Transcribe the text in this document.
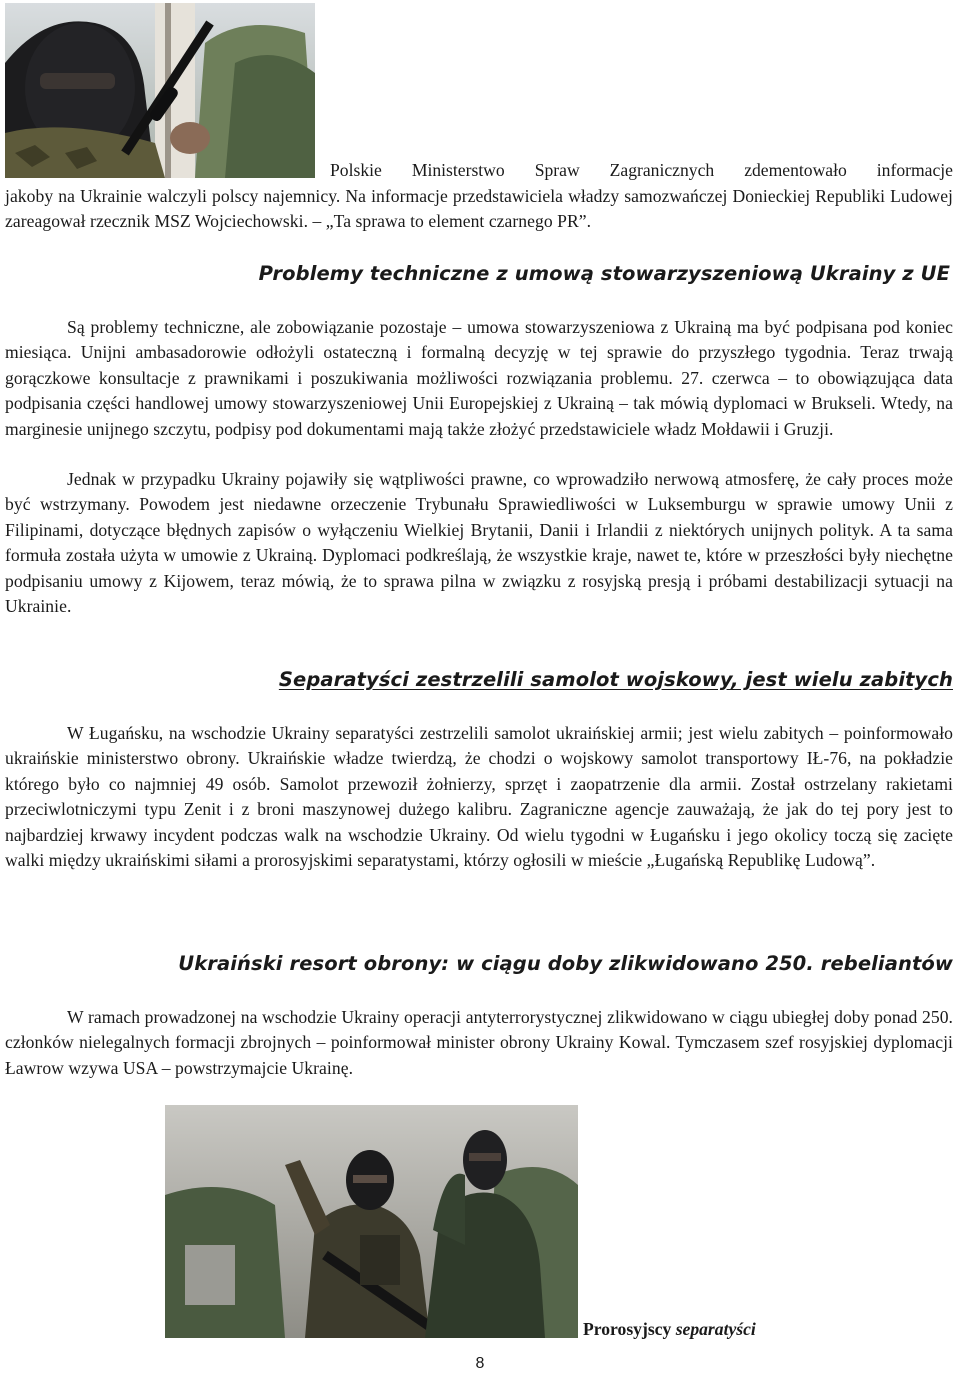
Polskie Ministerstwo Spraw Zagranicznych zdementowało informacje
jakoby na Ukrainie walczyli polscy najemnicy. Na informacje przedstawiciela władzy samozwańczej Donieckiej Republiki Ludowej zareagował rzecznik MSZ Wojciechowski. – „Ta sprawa to element czarnego PR”.
Problemy techniczne z umową stowarzyszeniową Ukrainy z UE
Są problemy techniczne, ale zobowiązanie pozostaje – umowa stowarzyszeniowa z Ukrainą ma być podpisana pod koniec miesiąca. Unijni ambasadorowie odłożyli ostateczną i formalną decyzję w tej sprawie do przyszłego tygodnia. Teraz trwają gorączkowe konsultacje z prawnikami i poszukiwania możliwości rozwiązania problemu. 27. czerwca – to obowiązująca data podpisania części handlowej umowy stowarzyszeniowej Unii Europejskiej z Ukrainą – tak mówią dyplomaci w Brukseli. Wtedy, na marginesie unijnego szczytu, podpisy pod dokumentami mają także złożyć przedstawiciele władz Mołdawii i Gruzji.
Jednak w przypadku Ukrainy pojawiły się wątpliwości prawne, co wprowadziło nerwową atmosferę, że cały proces może być wstrzymany. Powodem jest niedawne orzeczenie Trybunału Sprawiedliwości w Luksemburgu w sprawie umowy Unii z Filipinami, dotyczące błędnych zapisów o wyłączeniu Wielkiej Brytanii, Danii i Irlandii z niektórych unijnych polityk. A ta sama formuła została użyta w umowie z Ukrainą. Dyplomaci podkreślają, że wszystkie kraje, nawet te, które w przeszłości były niechętne podpisaniu umowy z Kijowem, teraz mówią, że to sprawa pilna w związku z rosyjską presją i próbami destabilizacji sytuacji na Ukrainie.
Separatyści zestrzelili samolot wojskowy, jest wielu zabitych
W Ługańsku, na wschodzie Ukrainy separatyści zestrzelili samolot ukraińskiej armii; jest wielu zabitych – poinformowało ukraińskie ministerstwo obrony. Ukraińskie władze twierdzą, że chodzi o wojskowy samolot transportowy IŁ-76, na pokładzie którego było co najmniej 49 osób. Samolot przewoził żołnierzy, sprzęt i zaopatrzenie dla armii. Został ostrzelany rakietami przeciwlotniczymi typu Zenit i z broni maszynowej dużego kalibru. Zagraniczne agencje zauważają, że jak do tej pory jest to najbardziej krwawy incydent podczas walk na wschodzie Ukrainy. Od wielu tygodni w Ługańsku i jego okolicy toczą się zacięte walki między ukraińskimi siłami a prorosyjskimi separatystami, którzy ogłosili w mieście „Ługańską Republikę Ludową”.
Ukraiński resort obrony: w ciągu doby zlikwidowano 250. rebeliantów
W ramach prowadzonej na wschodzie Ukrainy operacji antyterrorystycznej zlikwidowano w ciągu ubiegłej doby ponad 250. członków nielegalnych formacji zbrojnych – poinformował minister obrony Ukrainy Kowal. Tymczasem szef rosyjskiej dyplomacji Ławrow wzywa USA – powstrzymajcie Ukrainę.
Prorosyjscy separatyści
8
